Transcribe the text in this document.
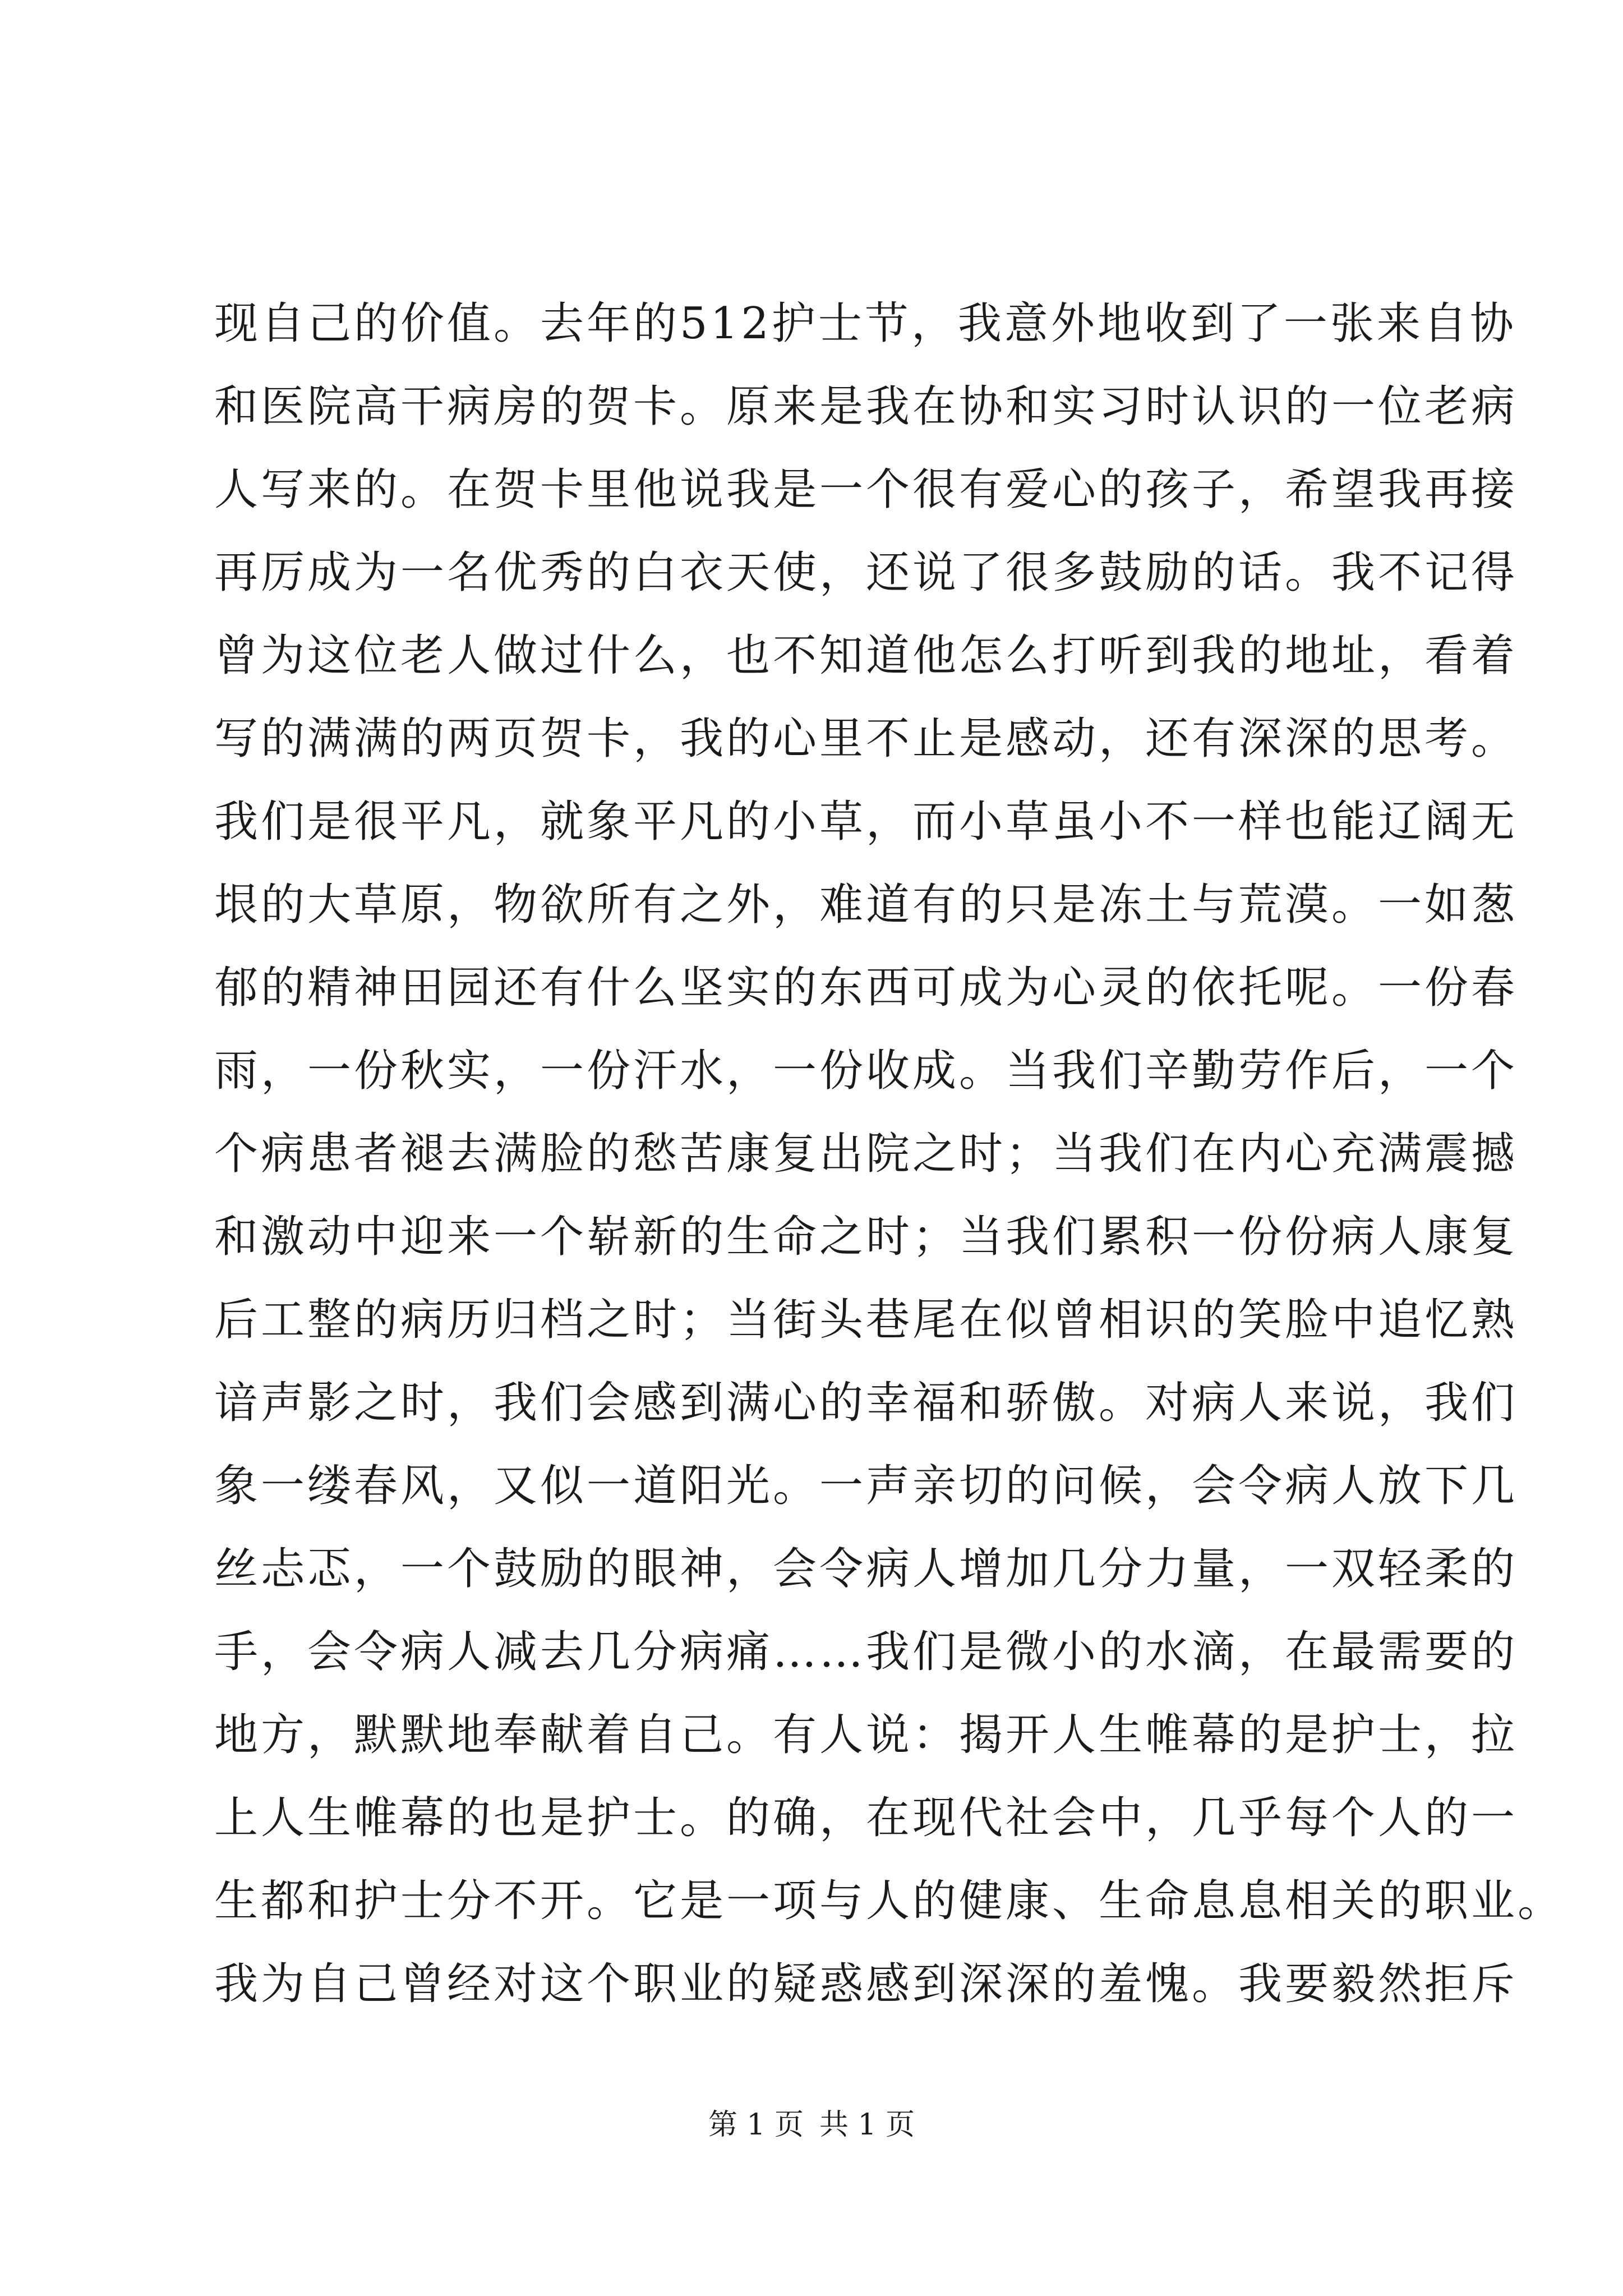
现自己的价值。去年的512护士节，我意外地收到了一张来自协
和医院高干病房的贺卡。原来是我在协和实习时认识的一位老病
人写来的。在贺卡里他说我是一个很有爱心的孩子，希望我再接
再厉成为一名优秀的白衣天使，还说了很多鼓励的话。我不记得
曾为这位老人做过什么，也不知道他怎么打听到我的地址，看着
写的满满的两页贺卡，我的心里不止是感动，还有深深的思考。
我们是很平凡，就象平凡的小草，而小草虽小不一样也能辽阔无
垠的大草原，物欲所有之外，难道有的只是冻土与荒漠。一如葱
郁的精神田园还有什么坚实的东西可成为心灵的依托呢。一份春
雨，一份秋实，一份汗水，一份收成。当我们辛勤劳作后，一个
个病患者褪去满脸的愁苦康复出院之时；当我们在内心充满震撼
和激动中迎来一个崭新的生命之时；当我们累积一份份病人康复
后工整的病历归档之时；当街头巷尾在似曾相识的笑脸中追忆熟
谙声影之时，我们会感到满心的幸福和骄傲。对病人来说，我们
象一缕春风，又似一道阳光。一声亲切的问候，会令病人放下几
丝忐忑，一个鼓励的眼神，会令病人增加几分力量，一双轻柔的
手，会令病人减去几分病痛……我们是微小的水滴，在最需要的
地方，默默地奉献着自己。有人说：揭开人生帷幕的是护士，拉
上人生帷幕的也是护士。的确，在现代社会中，几乎每个人的一
生都和护士分不开。它是一项与人的健康、生命息息相关的职业。
我为自己曾经对这个职业的疑惑感到深深的羞愧。我要毅然拒斥
第 1 页 共 1 页
